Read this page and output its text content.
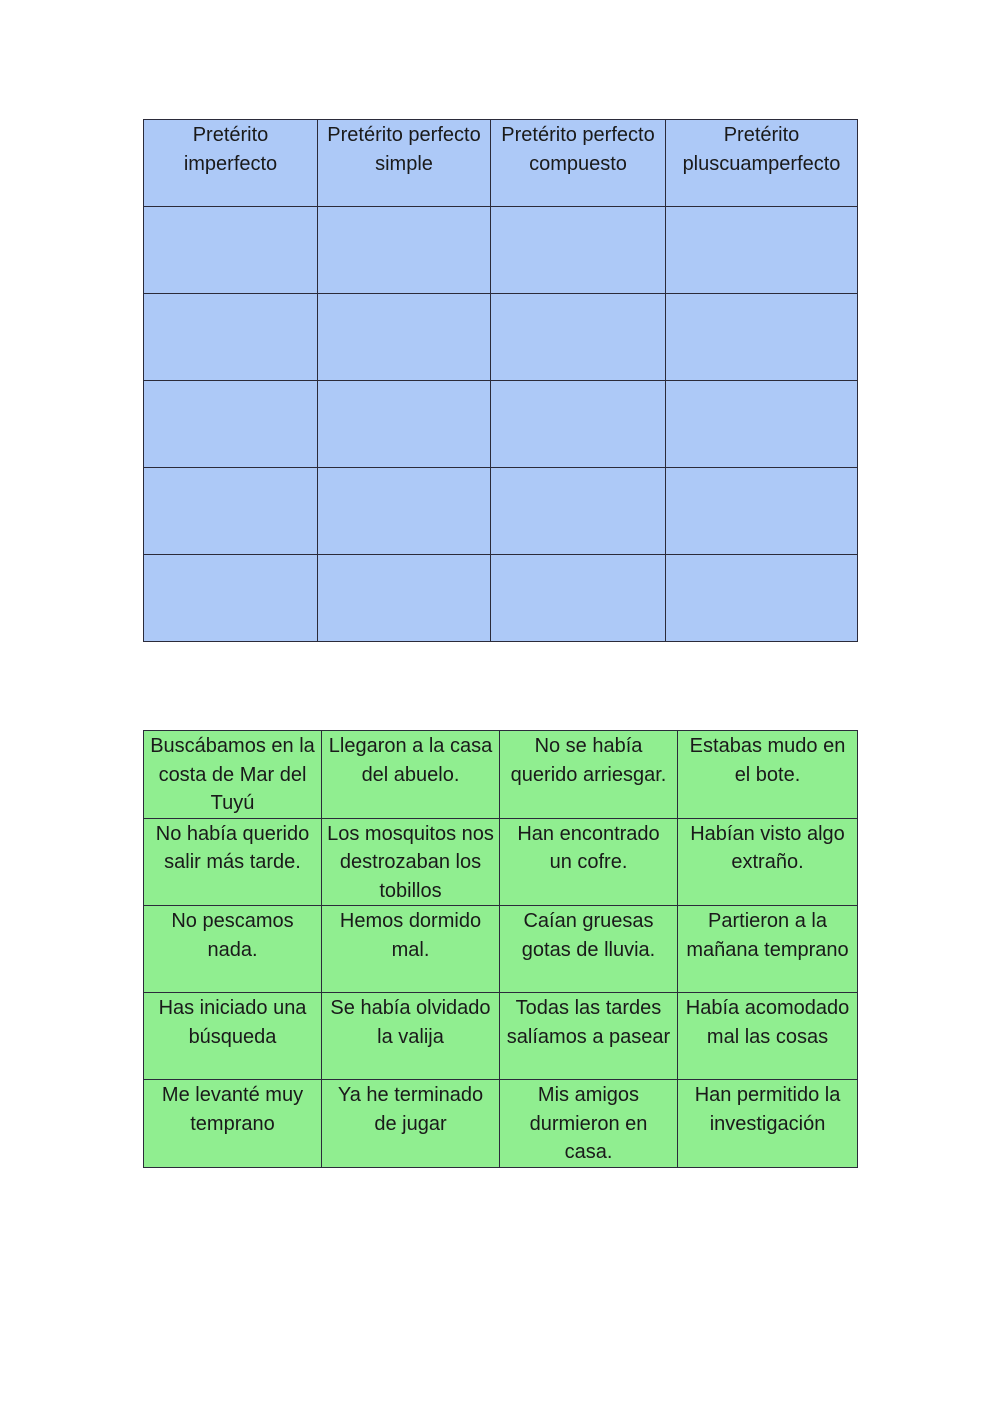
Pretérito imperfecto	Pretérito perfecto simple	Pretérito perfecto compuesto	Pretérito pluscuamperfecto

Buscábamos en la costa de Mar del Tuyú	Llegaron a la casa del abuelo.	No se había querido arriesgar.	Estabas mudo en el bote.
No había querido salir más tarde.	Los mosquitos nos destrozaban los tobillos	Han encontrado un cofre.	Habían visto algo extraño.
No pescamos nada.	Hemos dormido mal.	Caían gruesas gotas de lluvia.	Partieron a la mañana temprano
Has iniciado una búsqueda	Se había olvidado la valija	Todas las tardes salíamos a pasear	Había acomodado mal las cosas
Me levanté muy temprano	Ya he terminado de jugar	Mis amigos durmieron en casa.	Han permitido la investigación
